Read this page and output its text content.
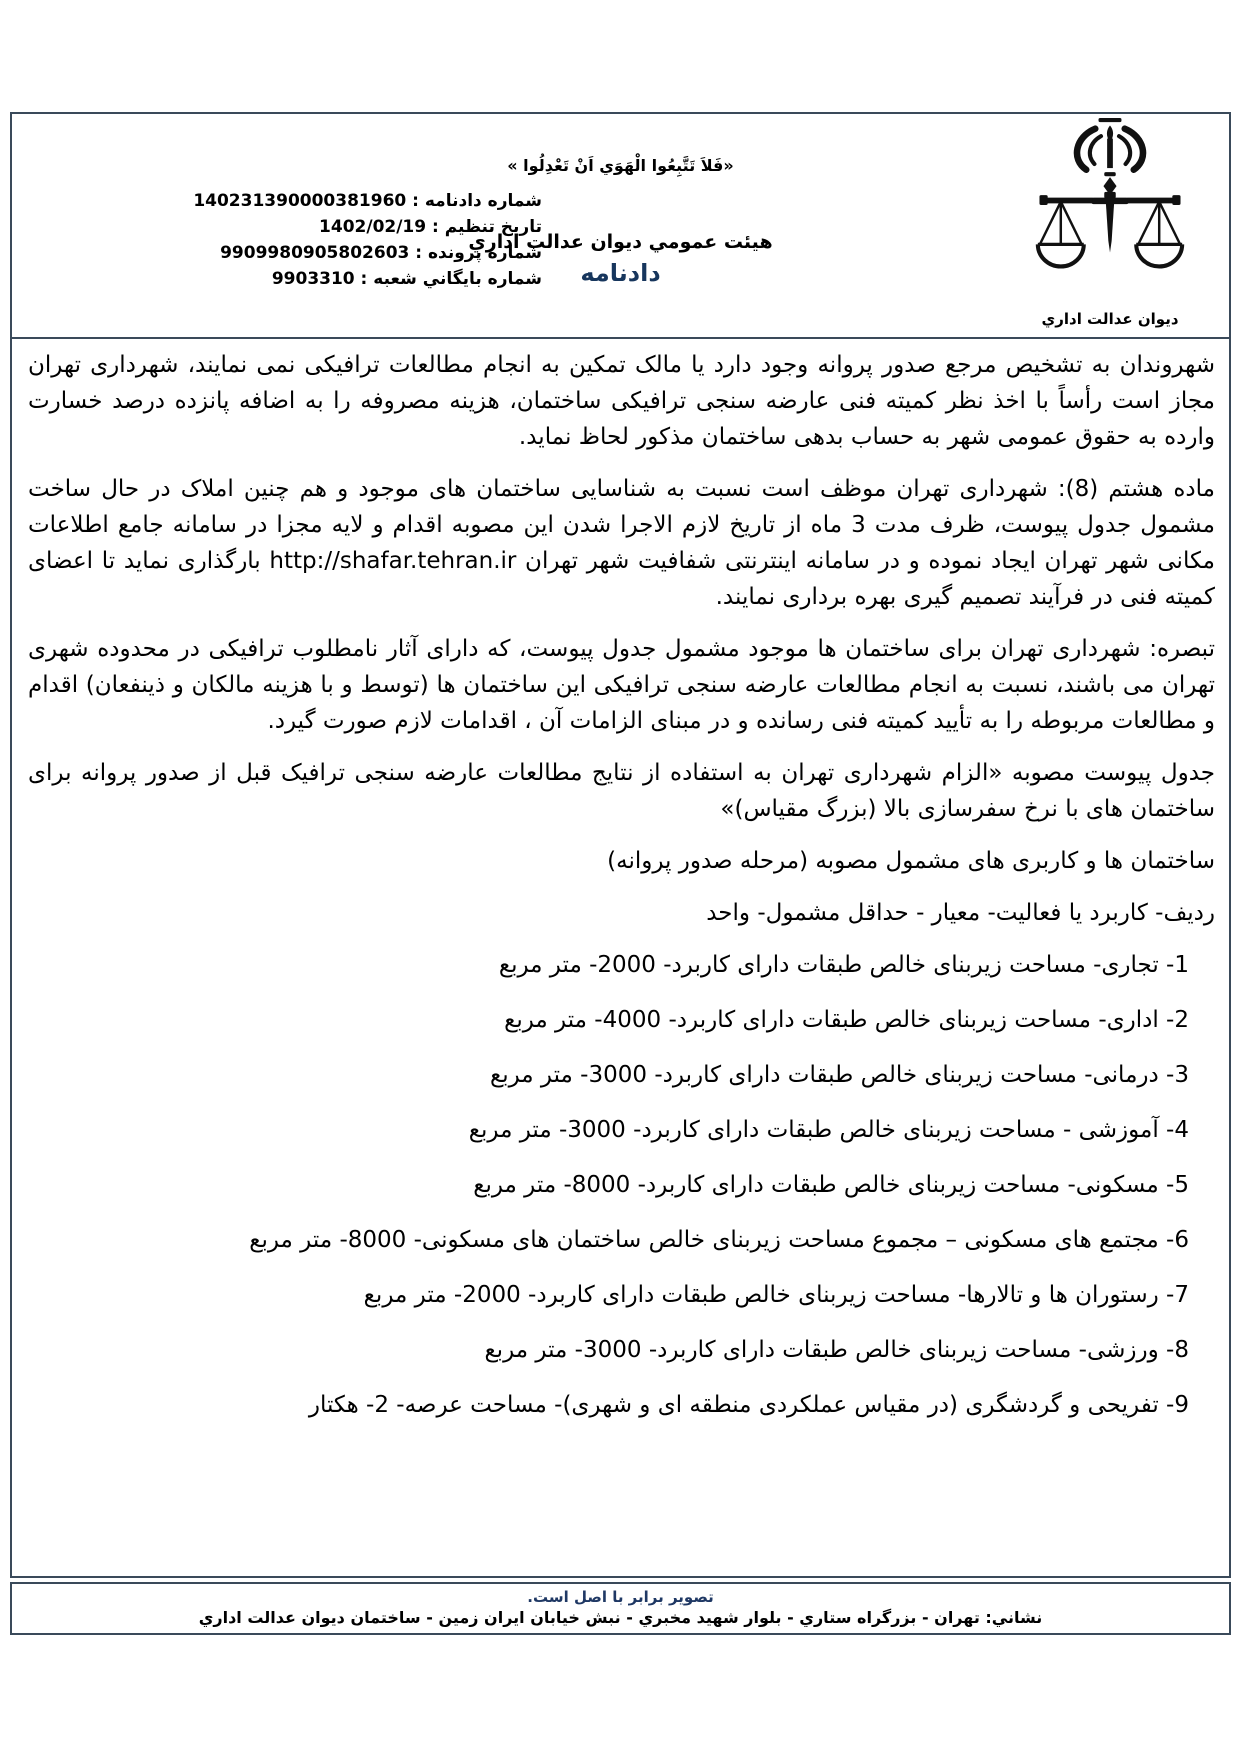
شماره دادنامه : 140231390000381960
تاريخ تنظيم : 1402/02/19
شماره پرونده : 9909980905802603
شماره بايگاني شعبه : 9903310
«فَلاَ تَتَّبِعُوا الْهَوَي اَنْ تَعْدِلُوا »
هيئت عمومي ديوان عدالت اداري
دادنامه
ديوان عدالت اداري

شهروندان به تشخیص مرجع صدور پروانه وجود دارد یا مالک تمکین به انجام مطالعات ترافیکی نمی نمایند، شهرداری تهران مجاز است رأساً با اخذ نظر کمیته فنی عارضه سنجی ترافیکی ساختمان، هزینه مصروفه را به اضافه پانزده درصد خسارت وارده به حقوق عمومی شهر به حساب بدهی ساختمان مذکور لحاظ نماید.

ماده هشتم (8): شهرداری تهران موظف است نسبت به شناسایی ساختمان های موجود و هم چنین املاک در حال ساخت مشمول جدول پیوست، ظرف مدت 3 ماه از تاریخ لازم الاجرا شدن این مصوبه اقدام و لایه مجزا در سامانه جامع اطلاعات مکانی شهر تهران ایجاد نموده و در سامانه اینترنتی شفافیت شهر تهران http://shafar.tehran.ir بارگذاری نماید تا اعضای کمیته فنی در فرآیند تصمیم گیری بهره برداری نمایند.

تبصره: شهرداری تهران برای ساختمان ها موجود مشمول جدول پیوست، که دارای آثار نامطلوب ترافیکی در محدوده شهری تهران می باشند، نسبت به انجام مطالعات عارضه سنجی ترافیکی این ساختمان ها (توسط و با هزینه مالکان و ذینفعان) اقدام و مطالعات مربوطه را به تأیید کمیته فنی رسانده و در مبنای الزامات آن ، اقدامات لازم صورت گیرد.

جدول پیوست مصوبه «الزام شهرداری تهران به استفاده از نتایج مطالعات عارضه سنجی ترافیک قبل از صدور پروانه برای ساختمان های با نرخ سفرسازی بالا (بزرگ مقیاس)»

ساختمان ها و کاربری های مشمول مصوبه (مرحله صدور پروانه)

ردیف- کاربرد یا فعالیت- معیار - حداقل مشمول- واحد

1- تجاری- مساحت زیربنای خالص طبقات دارای کاربرد- 2000- متر مربع

2- اداری- مساحت زیربنای خالص طبقات دارای کاربرد- 4000- متر مربع

3- درمانی- مساحت زیربنای خالص طبقات دارای کاربرد- 3000- متر مربع

4- آموزشی - مساحت زیربنای خالص طبقات دارای کاربرد- 3000- متر مربع

5- مسکونی- مساحت زیربنای خالص طبقات دارای کاربرد- 8000- متر مربع

6- مجتمع های مسکونی – مجموع مساحت زیربنای خالص ساختمان های مسکونی- 8000- متر مربع

7- رستوران ها و تالارها- مساحت زیربنای خالص طبقات دارای کاربرد- 2000- متر مربع

8- ورزشی- مساحت زیربنای خالص طبقات دارای کاربرد- 3000- متر مربع

9- تفریحی و گردشگری (در مقیاس عملکردی منطقه ای و شهری)- مساحت عرصه- 2- هکتار

تصویر برابر با اصل است.
نشاني: تهران - بزرگراه ستاري - بلوار شهيد مخبري - نبش خيابان ايران زمين - ساختمان ديوان عدالت اداري
